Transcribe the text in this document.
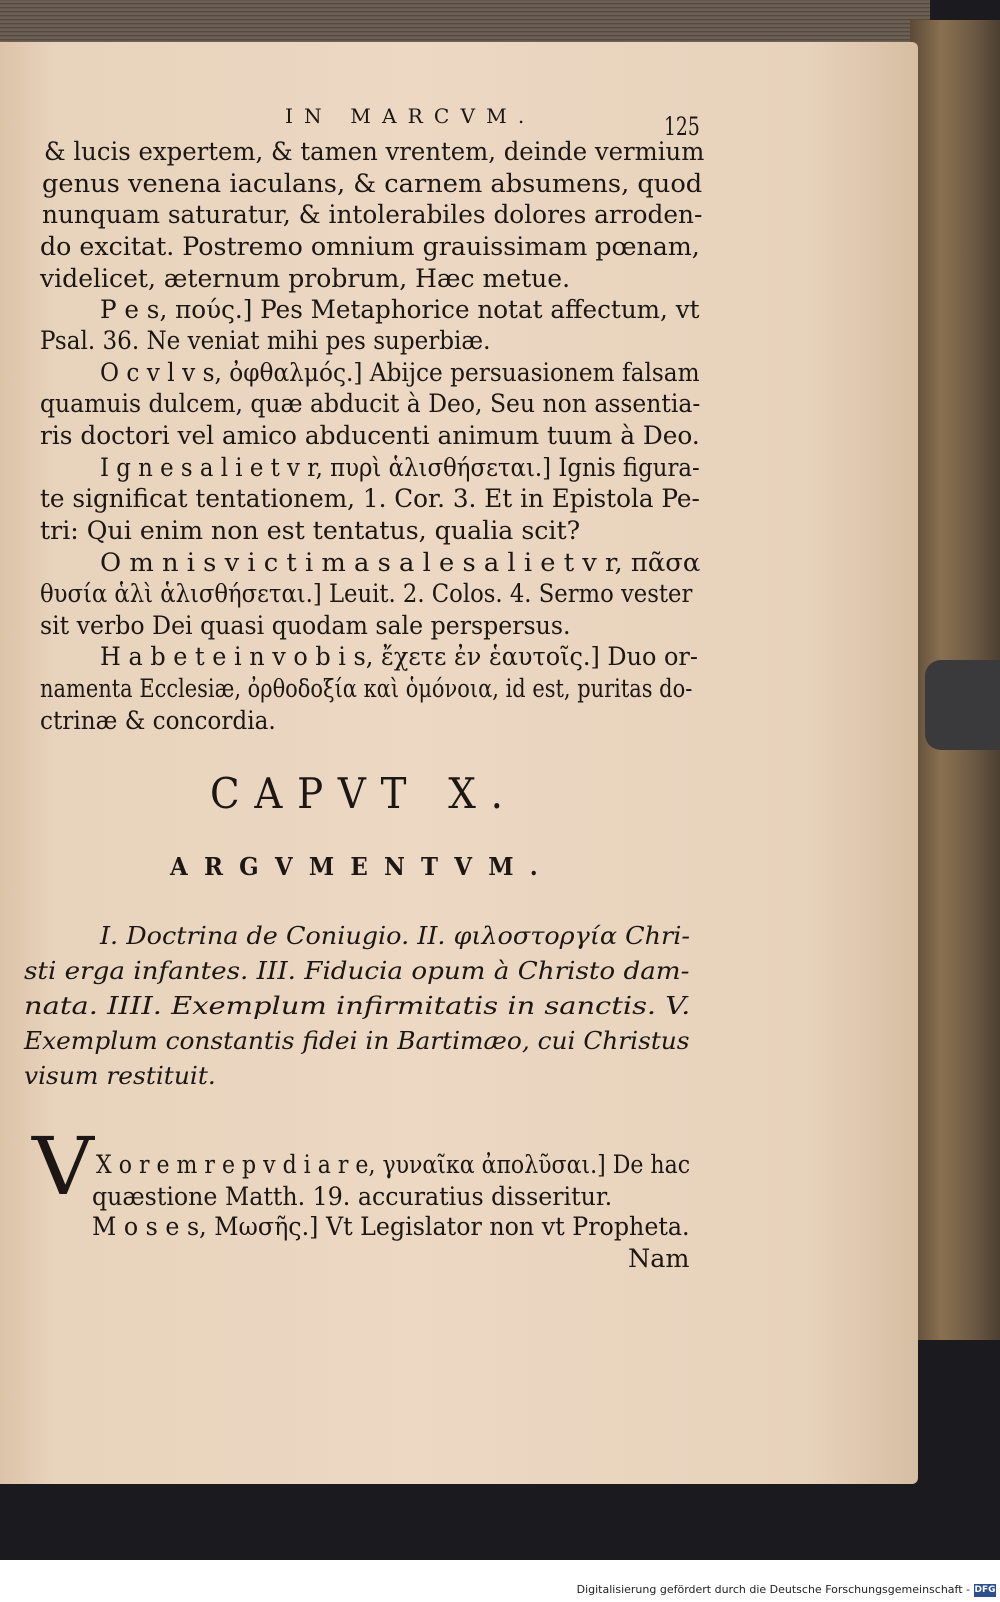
IN MARCVM.	125
& lucis expertem, & tamen vrentem, deinde vermium
genus venena iaculans, & carnem absumens, quod
nunquam saturatur, & intolerabiles dolores arroden-
do excitat. Postremo omnium grauissimam pœnam,
videlicet, æternum probrum, Hæc metue.
P e s, πούς.] Pes Metaphorice notat affectum, vt
Psal. 36. Ne veniat mihi pes superbiæ.
O c v l v s, ὀφθαλμός.] Abijce persuasionem falsam
quamuis dulcem, quæ abducit à Deo, Seu non assentia-
ris doctori vel amico abducenti animum tuum à Deo.
I g n e s a l i e t v r, πυρὶ ἁλισθήσεται.] Ignis figura-
te significat tentationem, 1. Cor. 3. Et in Epistola Pe-
tri: Qui enim non est tentatus, qualia scit?
O m n i s v i c t i m a s a l e s a l i e t v r, πᾶσα
θυσία ἁλὶ ἁλισθήσεται.] Leuit. 2. Colos. 4. Sermo vester
sit verbo Dei quasi quodam sale perspersus.
H a b e t e i n v o b i s, ἔχετε ἐν ἑαυτοῖς.] Duo or-
namenta Ecclesiæ, ὀρθοδοξία καὶ ὁμόνοια, id est, puritas do-
ctrinæ & concordia.
CAPVT X.
ARGVMENTVM.
I. Doctrina de Coniugio. II. φιλοστοργία Chri-
sti erga infantes. III. Fiducia opum à Christo dam-
nata. IIII. Exemplum infirmitatis in sanctis. V.
Exemplum constantis fidei in Bartimæo, cui Christus
visum restituit.
V X o r e m r e p v d i a r e, γυναῖκα ἀπολῦσαι.] De hac
quæstione Matth. 19. accuratius disseritur.
M o s e s, Μωσῆς.] Vt Legislator non vt Propheta.
Nam
Digitalisierung gefördert durch die Deutsche Forschungsgemeinschaft - DFG
